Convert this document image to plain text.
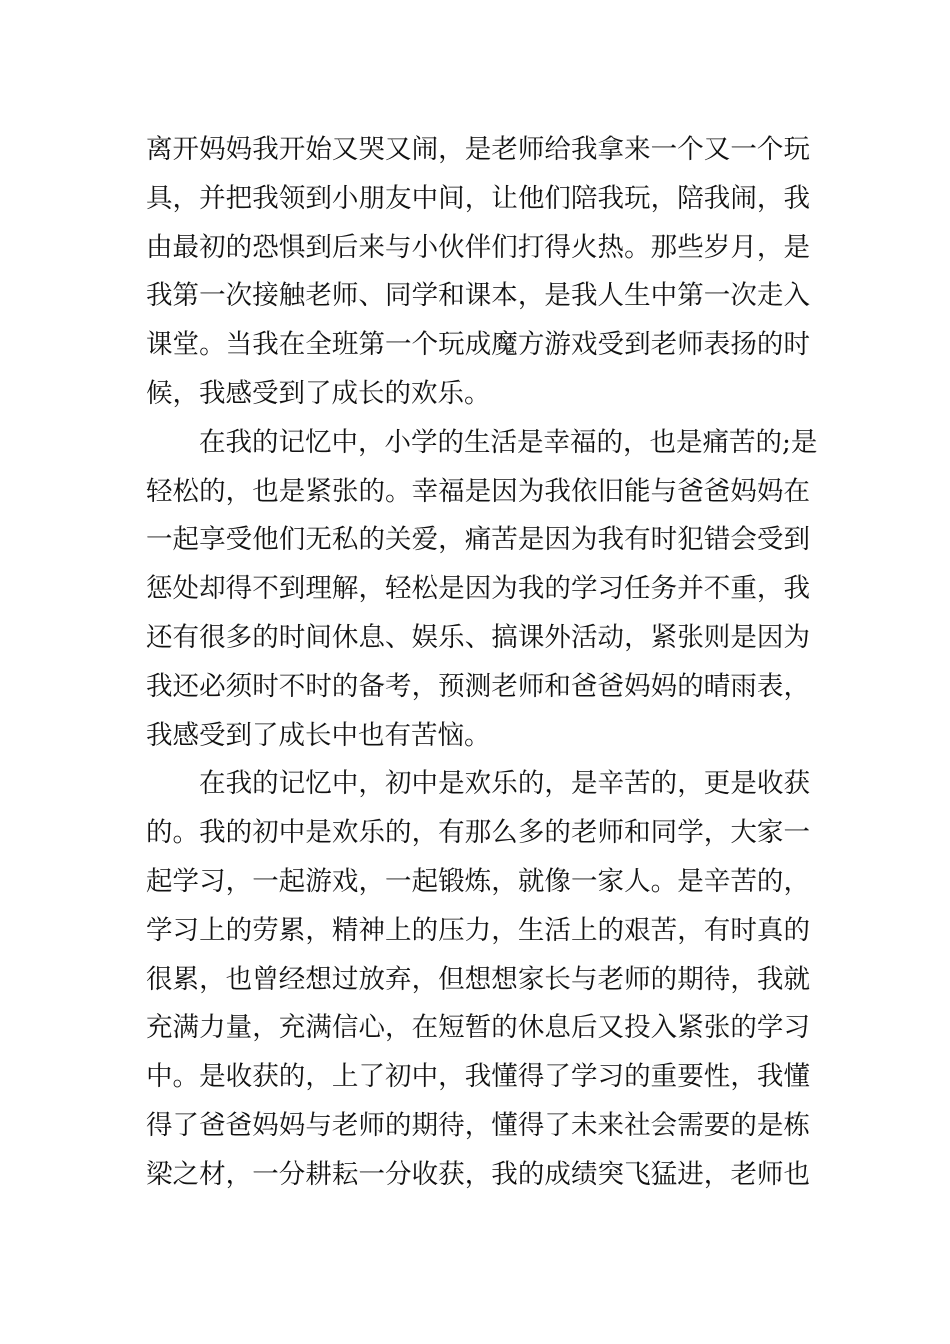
离开妈妈我开始又哭又闹，是老师给我拿来一个又一个玩
具，并把我领到小朋友中间，让他们陪我玩，陪我闹，我
由最初的恐惧到后来与小伙伴们打得火热。那些岁月，是
我第一次接触老师、同学和课本，是我人生中第一次走入
课堂。当我在全班第一个玩成魔方游戏受到老师表扬的时
候，我感受到了成长的欢乐。
在我的记忆中，小学的生活是幸福的，也是痛苦的;是
轻松的，也是紧张的。幸福是因为我依旧能与爸爸妈妈在
一起享受他们无私的关爱，痛苦是因为我有时犯错会受到
惩处却得不到理解，轻松是因为我的学习任务并不重，我
还有很多的时间休息、娱乐、搞课外活动，紧张则是因为
我还必须时不时的备考，预测老师和爸爸妈妈的晴雨表，
我感受到了成长中也有苦恼。
在我的记忆中，初中是欢乐的，是辛苦的，更是收获
的。我的初中是欢乐的，有那么多的老师和同学，大家一
起学习，一起游戏，一起锻炼，就像一家人。是辛苦的，
学习上的劳累，精神上的压力，生活上的艰苦，有时真的
很累，也曾经想过放弃，但想想家长与老师的期待，我就
充满力量，充满信心，在短暂的休息后又投入紧张的学习
中。是收获的，上了初中，我懂得了学习的重要性，我懂
得了爸爸妈妈与老师的期待，懂得了未来社会需要的是栋
梁之材，一分耕耘一分收获，我的成绩突飞猛进，老师也
